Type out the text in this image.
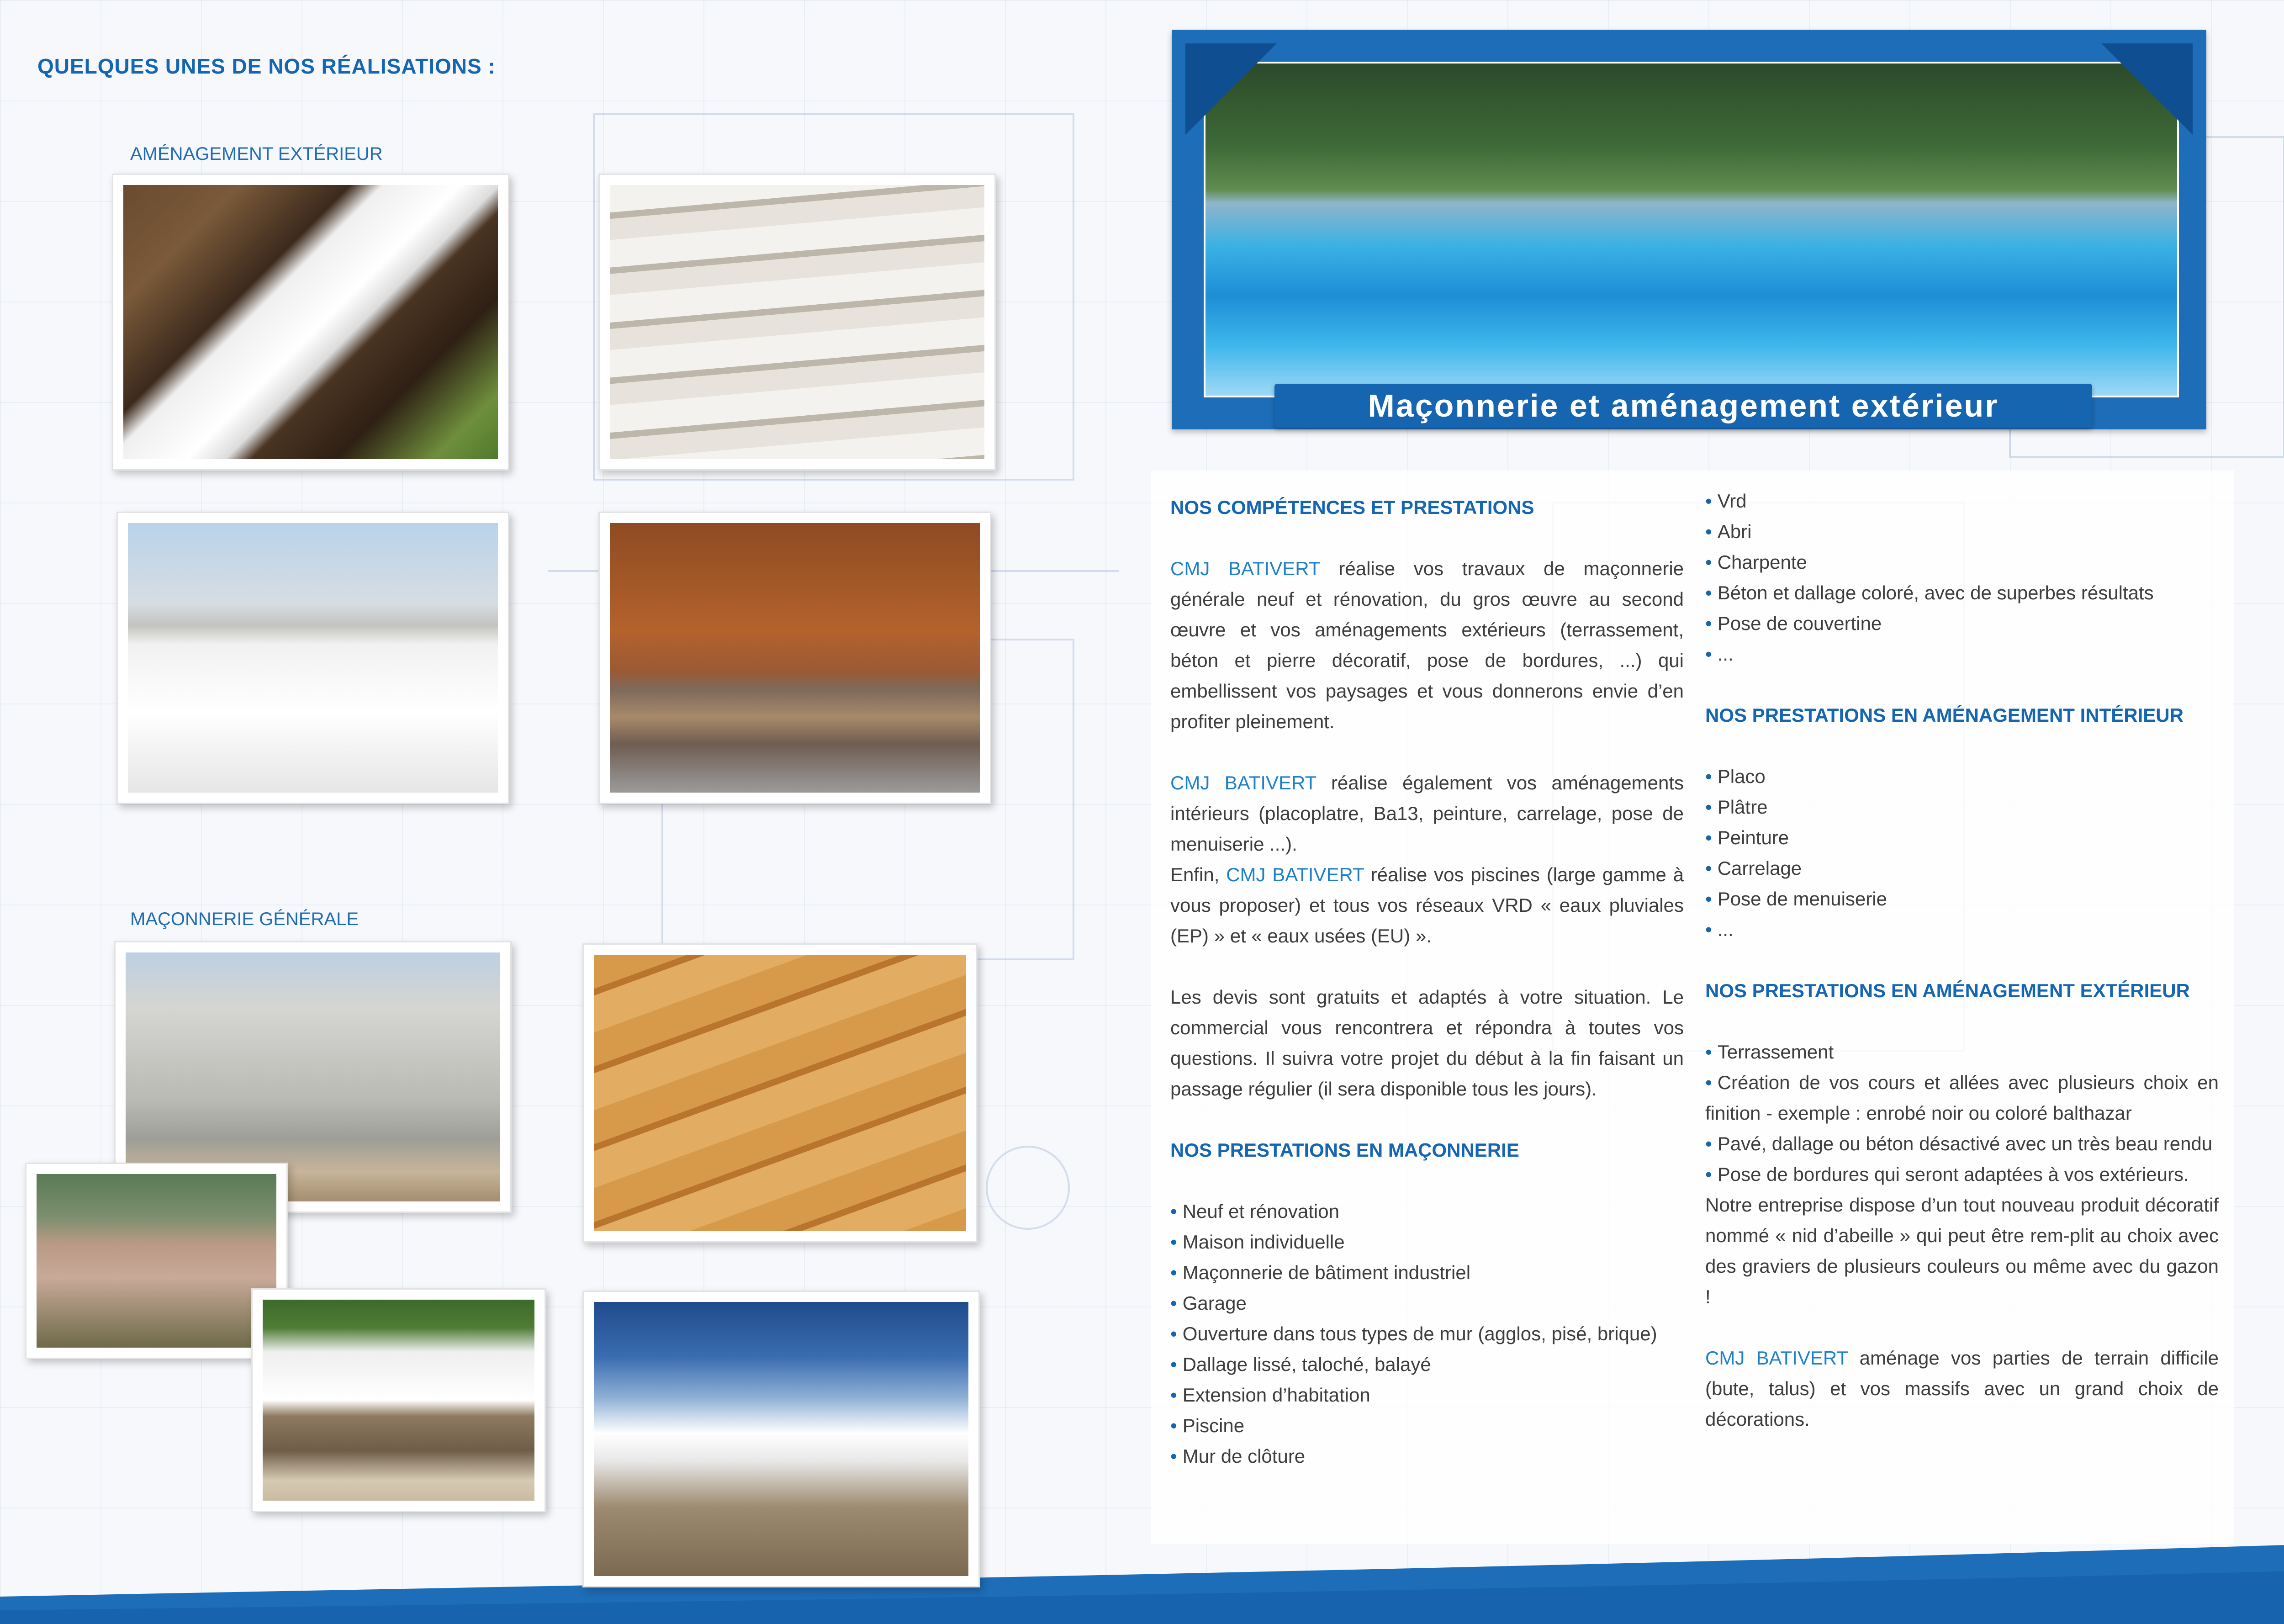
QUELQUES UNES DE NOS RÉALISATIONS :
AMÉNAGEMENT EXTÉRIEUR
MAÇONNERIE GÉNÉRALE
Maçonnerie et aménagement extérieur
NOS COMPÉTENCES ET PRESTATIONS

CMJ BATIVERT réalise vos travaux de maçonnerie générale neuf et rénovation, du gros œuvre au second œuvre et vos aménagements extérieurs (terrassement, béton et pierre décoratif, pose de bordures, ...) qui embellissent vos paysages et vous donnerons envie d’en profiter pleinement.

CMJ BATIVERT réalise également vos aménagements intérieurs (placoplatre, Ba13, peinture, carrelage, pose de menuiserie ...).

Enfin, CMJ BATIVERT réalise vos piscines (large gamme à vous proposer) et tous vos réseaux VRD « eaux pluviales (EP) » et « eaux usées (EU) ».

Les devis sont gratuits et adaptés à votre situation. Le commercial vous rencontrera et répondra à toutes vos questions. Il suivra votre projet du début à la fin faisant un passage régulier (il sera disponible tous les jours).

NOS PRESTATIONS EN MAÇONNERIE
• Neuf et rénovation
• Maison individuelle
• Maçonnerie de bâtiment industriel
• Garage
• Ouverture dans tous types de mur (agglos, pisé, brique)
• Dallage lissé, taloché, balayé
• Extension d’habitation
• Piscine
• Mur de clôture
• Vrd
• Abri
• Charpente
• Béton et dallage coloré, avec de superbes résultats
• Pose de couvertine
• ...
NOS PRESTATIONS EN AMÉNAGEMENT INTÉRIEUR
• Placo
• Plâtre
• Peinture
• Carrelage
• Pose de menuiserie
• ...
NOS PRESTATIONS EN AMÉNAGEMENT EXTÉRIEUR
• Terrassement
• Création de vos cours et allées avec plusieurs choix en finition - exemple : enrobé noir ou coloré balthazar
• Pavé, dallage ou béton désactivé avec un très beau rendu
• Pose de bordures qui seront adaptées à vos extérieurs.

Notre entreprise dispose d’un tout nouveau produit décoratif nommé « nid d’abeille » qui peut être rem-plit au choix avec des graviers de plusieurs couleurs ou même avec du gazon !

CMJ BATIVERT aménage vos parties de terrain difficile (bute, talus) et vos massifs avec un grand choix de décorations.
